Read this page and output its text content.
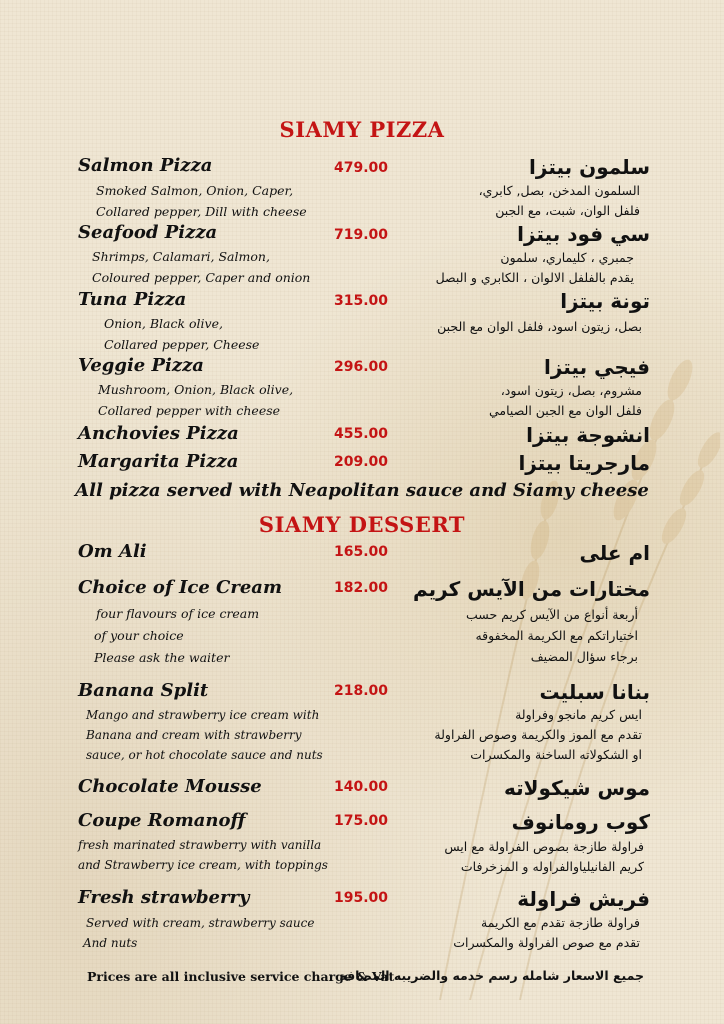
SIAMY PIZZA
Salmon Pizza	479.00	سلمون بيتزا
Smoked Salmon, Onion, Caper,
Collared pepper, Dill with cheese
السلمون المدخن، بصل, كابري،
فلفل الوان، شبت، مع الجبن
Seafood Pizza	719.00	سي فود بيتزا
Shrimps, Calamari, Salmon,
Coloured pepper, Caper and onion
جمبري ، كليماري، سلمون
يقدم بالفلفل الالوان ، الكابري و البصل
Tuna Pizza	315.00	تونة بيتزا
Onion, Black olive,
Collared pepper, Cheese
بصل، زيتون اسود، فلفل الوان مع الجبن
Veggie Pizza	296.00	فيجي بيتزا
Mushroom, Onion, Black olive,
Collared pepper with cheese
مشروم، بصل، زيتون اسود،
فلفل الوان مع الجبن الصيامي
Anchovies Pizza	455.00	انشوجة بيتزا
Margarita Pizza	209.00	مارجريتا بيتزا
All pizza served with Neapolitan sauce and Siamy cheese
SIAMY DESSERT
Om Ali	165.00	ام على
Choice of Ice Cream	182.00 مختارات من الآيس كريم
four flavours of ice cream
of your choice
Please ask the waiter
أربعة أنواع من الآيس كريم حسب
اختياراتكم مع الكريمة المخفوقه
برجاء سؤال المضيف
Banana Split	218.00	بنانا سبليت
Mango and strawberry ice cream with
Banana and cream with strawberry
sauce, or hot chocolate sauce and nuts
ايس كريم مانجو وفراولة
تقدم مع الموز والكريمة وصوص الفراولة
او الشكولاته الساخنة والمكسرات
Chocolate Mousse	140.00	موس شيكولاته
Coupe Romanoff	175.00	كوب رومانوف
fresh marinated strawberry with vanilla
and Strawberry ice cream, with toppings
فراولة طازجة بصوص الفراولة مع ايس
كريم الفانيلياوالفراوله و المزخرفات
Fresh strawberry	195.00	فريش فراولة
Served with cream, strawberry sauce
And nuts
فراولة طازجة تقدم مع الكريمة
تقدم مع صوص الفراولة والمكسرات
Prices are all inclusive service charge & Vat
جميع الاسعار شامله رسم خدمه والضريبه المضافه
